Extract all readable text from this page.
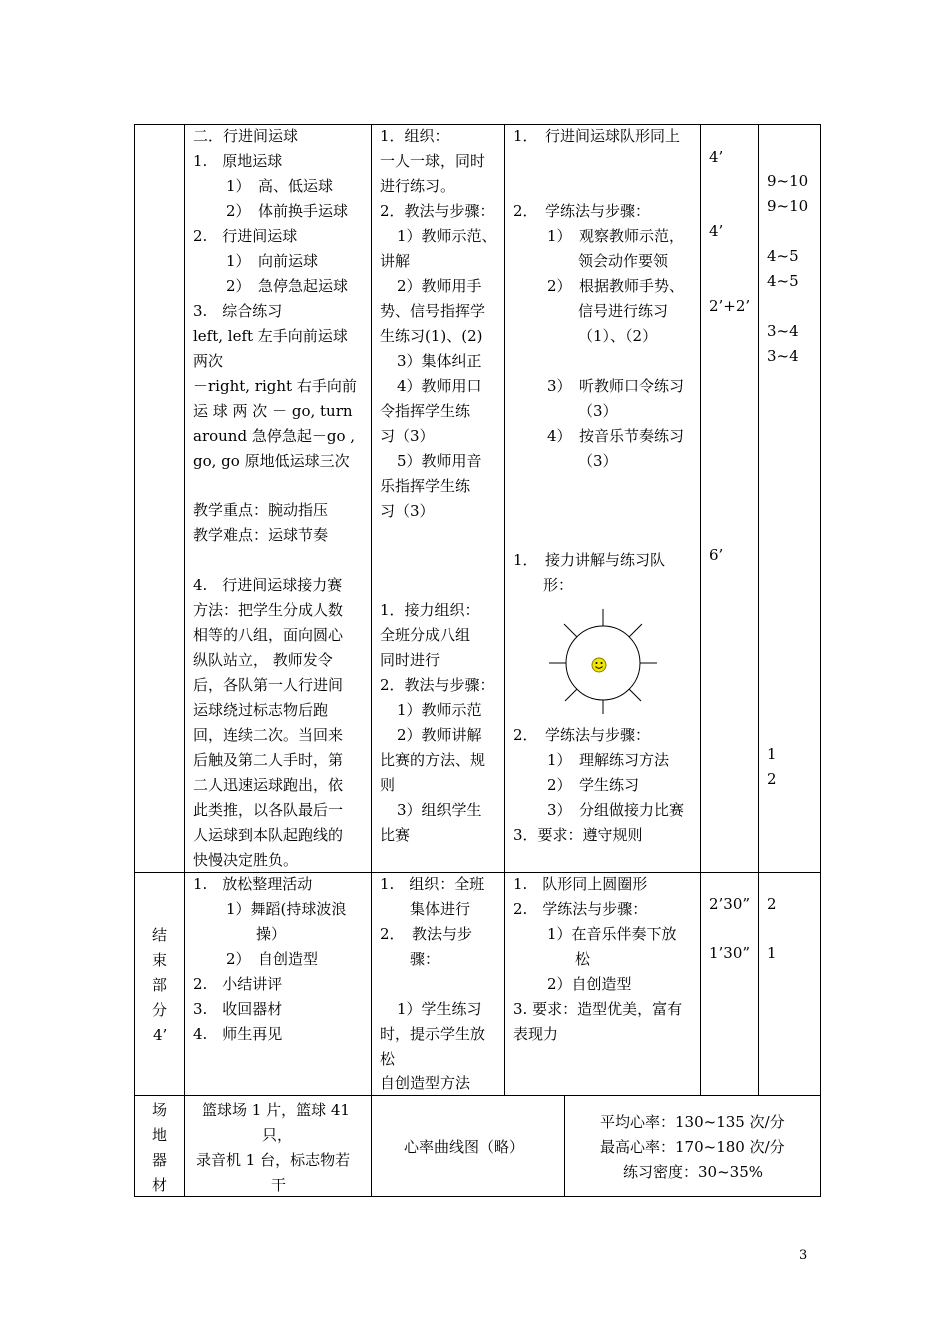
二．行进间运球
1.　原地运球
1）　高、低运球
2）　体前换手运球
2.　行进间运球
1）　向前运球
2）　急停急起运球
3.　综合练习
left, left 左手向前运球
两次
－right, right 右手向前
运 球 两 次 － go, turn
around 急停急起－go ,
go, go 原地低运球三次
教学重点：腕动指压
教学难点：运球节奏
4.　行进间运球接力赛
方法：把学生分成人数
相等的八组，面向圆心
纵队站立， 教师发令
后，各队第一人行进间
运球绕过标志物后跑
回，连续二次。当回来
后触及第二人手时，第
二人迅速运球跑出，依
此类推，以各队最后一
人运球到本队起跑线的
快慢决定胜负。
1．组织：
一人一球，同时
进行练习。
2．教法与步骤：
1）教师示范、
讲解
2）教师用手
势、信号指挥学
生练习(1)、(2)
3）集体纠正
4）教师用口
令指挥学生练
习（3）
5）教师用音
乐指挥学生练
习（3）
1．接力组织：
全班分成八组
同时进行
2．教法与步骤：
1）教师示范
2）教师讲解
比赛的方法、规
则
3）组织学生
比赛
1．　行进间运球队形同上
2．　学练法与步骤：
1）　观察教师示范，
领会动作要领
2）　根据教师手势、
信号进行练习
（1）、（2）
3）　听教师口令练习
（3）
4）　按音乐节奏练习
（3）
1．　接力讲解与练习队
形：
2．　学练法与步骤：
1）　理解练习方法
2）　学生练习
3）　分组做接力比赛
3．要求：遵守规则
4’
4’
2’+2’
6’
9~10
9~10
4~5
4~5
3~4
3~4
1
2
结
束
部
分
4’
1.　放松整理活动
1）舞蹈(持球波浪
操）
2）　自创造型
2.　小结讲评
3.　收回器材
4.　师生再见
1.　组织：全班
集体进行
2．　教法与步
骤：
1）学生练习
时，提示学生放
松
自创造型方法
1.　队形同上圆圈形
2.　学练法与步骤：
1）在音乐伴奏下放
松
2）自创造型
3. 要求：造型优美，富有
表现力
2’30”
1’30”
2
1
场
地
器
材
篮球场 1 片，篮球 41
只，
录音机 1 台，标志物若
干
心率曲线图（略）
平均心率：130~135 次/分
最高心率：170~180 次/分
练习密度：30~35%
3
